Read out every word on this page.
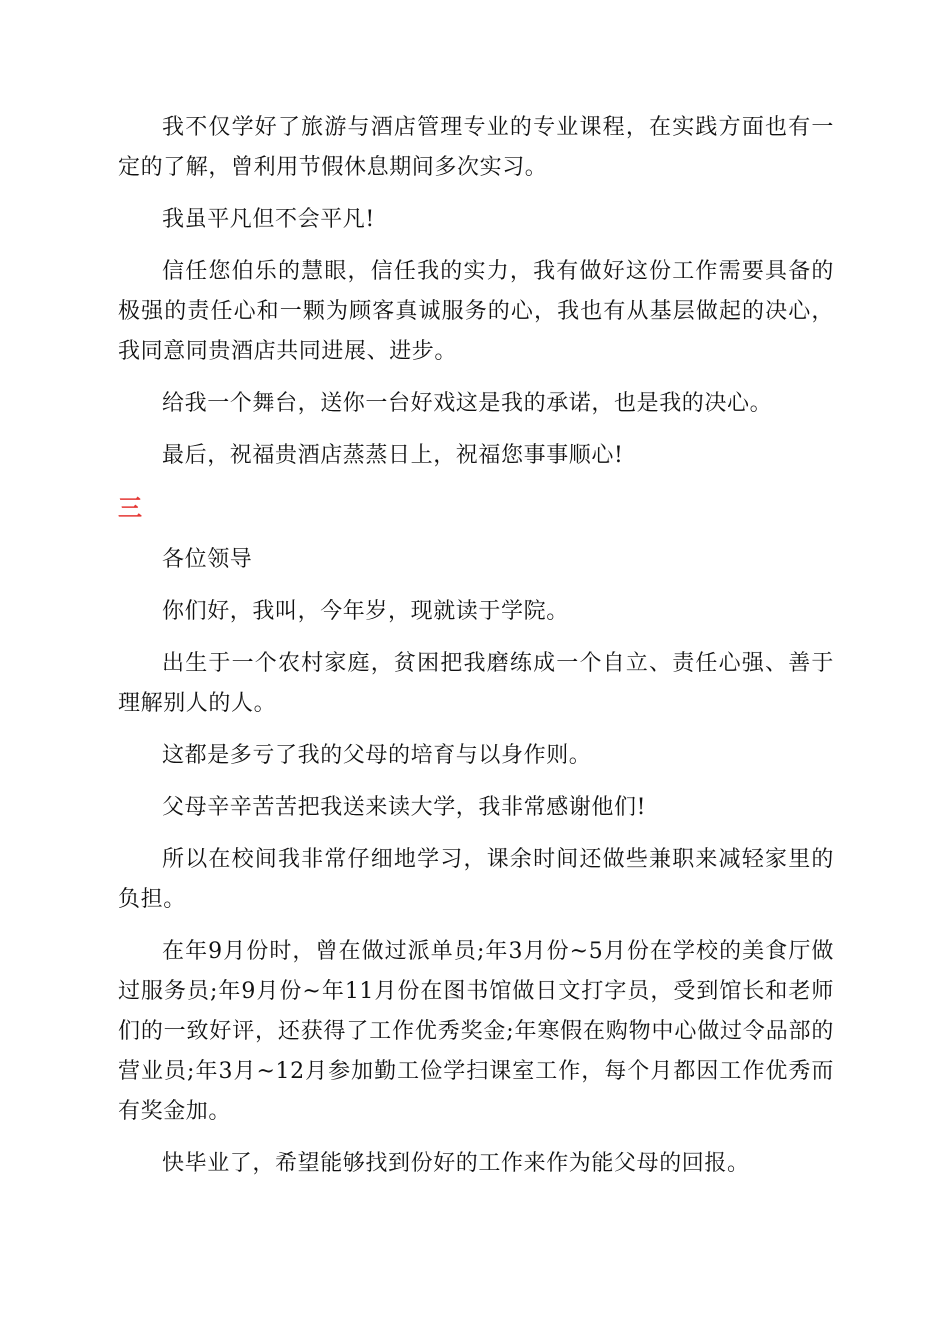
我不仅学好了旅游与酒店管理专业的专业课程，在实践方面也有一定的了解，曾利用节假休息期间多次实习。

我虽平凡但不会平凡!

信任您伯乐的慧眼，信任我的实力，我有做好这份工作需要具备的极强的责任心和一颗为顾客真诚服务的心，我也有从基层做起的决心，我同意同贵酒店共同进展、进步。

给我一个舞台，送你一台好戏这是我的承诺，也是我的决心。

最后，祝福贵酒店蒸蒸日上，祝福您事事顺心!

三

各位领导

你们好，我叫，今年岁，现就读于学院。

出生于一个农村家庭，贫困把我磨练成一个自立、责任心强、善于理解别人的人。

这都是多亏了我的父母的培育与以身作则。

父母辛辛苦苦把我送来读大学，我非常感谢他们!

所以在校间我非常仔细地学习，课余时间还做些兼职来减轻家里的负担。

在年9月份时，曾在做过派单员;年3月份~5月份在学校的美食厅做过服务员;年9月份~年11月份在图书馆做日文打字员，受到馆长和老师们的一致好评，还获得了工作优秀奖金;年寒假在购物中心做过令品部的营业员;年3月~12月参加勤工俭学扫课室工作，每个月都因工作优秀而有奖金加。

快毕业了，希望能够找到份好的工作来作为能父母的回报。
